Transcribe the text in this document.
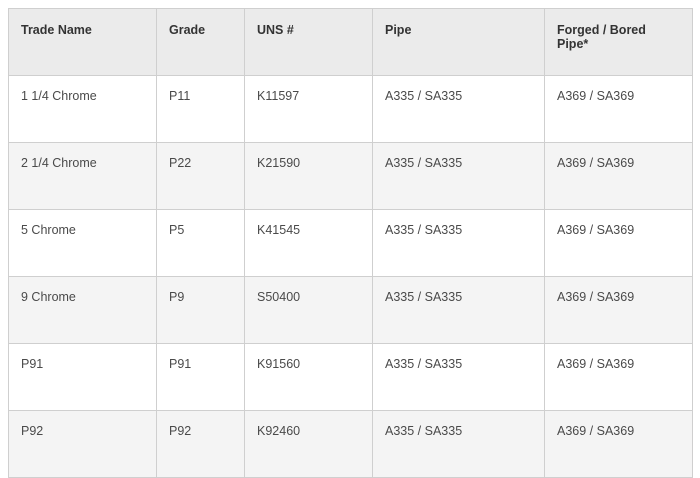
Trade Name	Grade	UNS #	Pipe	Forged / Bored Pipe*
1 1/4 Chrome	P11	K11597	A335 / SA335	A369 / SA369
2 1/4 Chrome	P22	K21590	A335 / SA335	A369 / SA369
5 Chrome	P5	K41545	A335 / SA335	A369 / SA369
9 Chrome	P9	S50400	A335 / SA335	A369 / SA369
P91	P91	K91560	A335 / SA335	A369 / SA369
P92	P92	K92460	A335 / SA335	A369 / SA369
